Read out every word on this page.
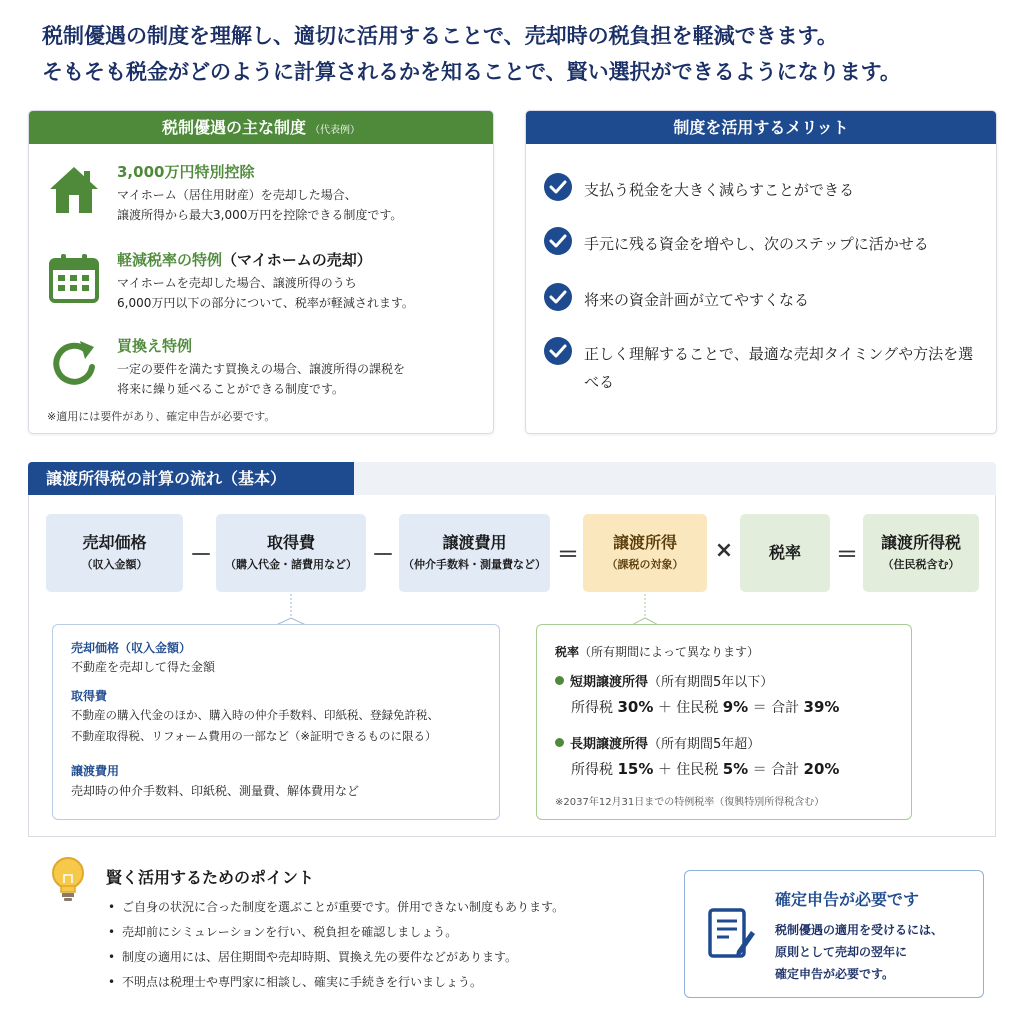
税制優遇の制度を理解し、適切に活用することで、売却時の税負担を軽減できます。
そもそも税金がどのように計算されるかを知ることで、賢い選択ができるようになります。
税制優遇の主な制度 （代表例）
3,000万円特別控除
マイホーム（居住用財産）を売却した場合、
譲渡所得から最大3,000万円を控除できる制度です。
軽減税率の特例（マイホームの売却）
マイホームを売却した場合、譲渡所得のうち
6,000万円以下の部分について、税率が軽減されます。
買換え特例
一定の要件を満たす買換えの場合、譲渡所得の課税を
将来に繰り延べることができる制度です。
※適用には要件があり、確定申告が必要です。
制度を活用するメリット
支払う税金を大きく減らすことができる
手元に残る資金を増やし、次のステップに活かせる
将来の資金計画が立てやすくなる
正しく理解することで、最適な売却タイミングや方法を選べる
譲渡所得税の計算の流れ（基本）
売却価格
（収入金額）	－
取得費
（購入代金・諸費用など） －
譲渡費用
（仲介手数料・測量費など） ＝
譲渡所得
（課税の対象）
×	税率	＝
譲渡所得税
（住民税含む）
売却価格（収入金額）
不動産を売却して得た金額
取得費
不動産の購入代金のほか、購入時の仲介手数料、印紙税、登録免許税、
不動産取得税、リフォーム費用の一部など（※証明できるものに限る）
譲渡費用
売却時の仲介手数料、印紙税、測量費、解体費用など
税率（所有期間によって異なります）
短期譲渡所得（所有期間5年以下）
所得税 30% ＋ 住民税 9% ＝ 合計 39%
長期譲渡所得（所有期間5年超）
所得税 15% ＋ 住民税 5% ＝ 合計 20%
※2037年12月31日までの特例税率（復興特別所得税含む）
賢く活用するためのポイント
• ご自身の状況に合った制度を選ぶことが重要です。併用できない制度もあります。
• 売却前にシミュレーションを行い、税負担を確認しましょう。
• 制度の適用には、居住期間や売却時期、買換え先の要件などがあります。
• 不明点は税理士や専門家に相談し、確実に手続きを行いましょう。
確定申告が必要です
税制優遇の適用を受けるには、
原則として売却の翌年に
確定申告が必要です。
